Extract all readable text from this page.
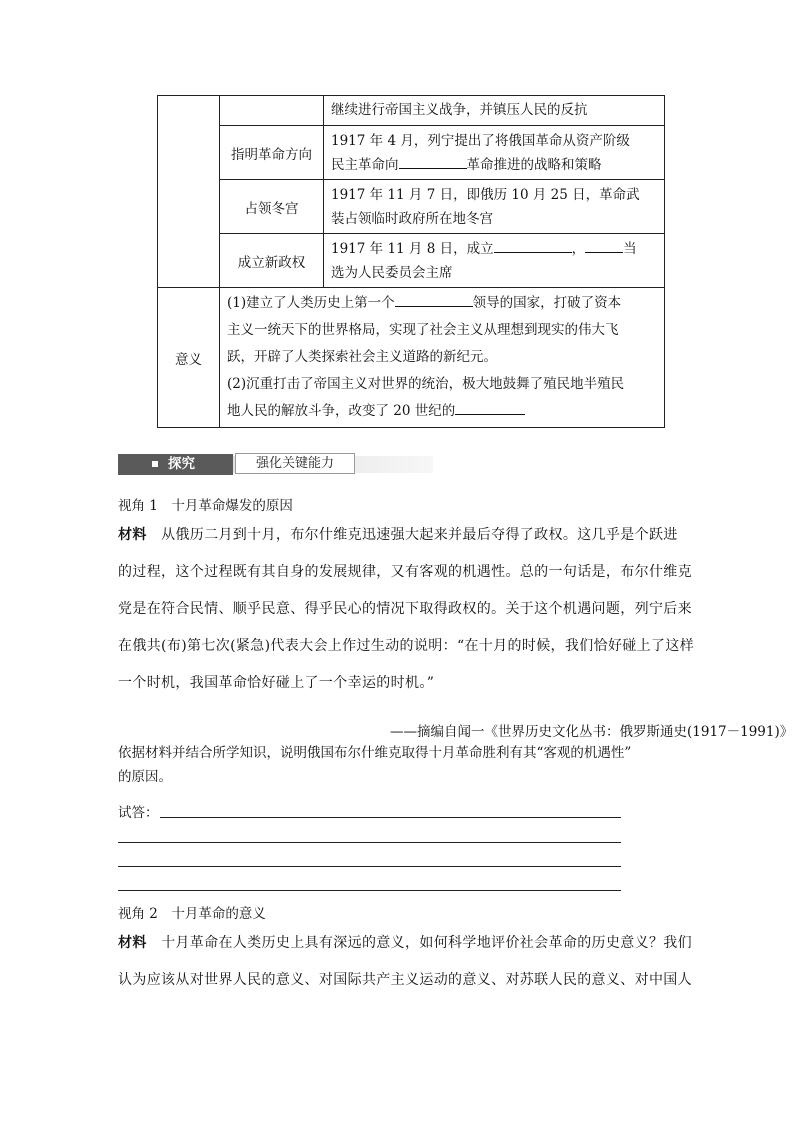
		继续进行帝国主义战争，并镇压人民的反抗
	指明革命方向	1917 年 4 月，列宁提出了将俄国革命从资产阶级
民主革命向 革命推进的战略和策略
	占领冬宫	1917 年 11 月 7 日，即俄历 10 月 25 日，革命武
装占领临时政府所在地冬宫
	成立新政权	1917 年 11 月 8 日，成立 ， 当
选为人民委员会主席
意义	(1)建立了人类历史上第一个 领导的国家，打破了资本
主义一统天下的世界格局，实现了社会主义从理想到现实的伟大飞
跃，开辟了人类探索社会主义道路的新纪元。
(2)沉重打击了帝国主义对世界的统治，极大地鼓舞了殖民地半殖民
地人民的解放斗争，改变了 20 世纪的	
探究	强化关键能力
视角 1　十月革命爆发的原因
材料　 从俄历二月到十月，布尔什维克迅速强大起来并最后夺得了政权。这几乎是个跃进
的过程，这个过程既有其自身的发展规律，又有客观的机遇性。总的一句话是，布尔什维克
党是在符合民情、顺乎民意、得乎民心的情况下取得政权的。关于这个机遇问题，列宁后来
在俄共(布)第七次(紧急)代表大会上作过生动的说明：“在十月的时候，我们恰好碰上了这样
一个时机，我国革命恰好碰上了一个幸运的时机。”
——摘编自闻一《世界历史文化丛书：俄罗斯通史(1917－1991)》
依据材料并结合所学知识，说明俄国布尔什维克取得十月革命胜利有其“客观的机遇性”
的原因。
试答：
视角 2　十月革命的意义
材料　 十月革命在人类历史上具有深远的意义，如何科学地评价社会革命的历史意义？我们
认为应该从对世界人民的意义、对国际共产主义运动的意义、对苏联人民的意义、对中国人
